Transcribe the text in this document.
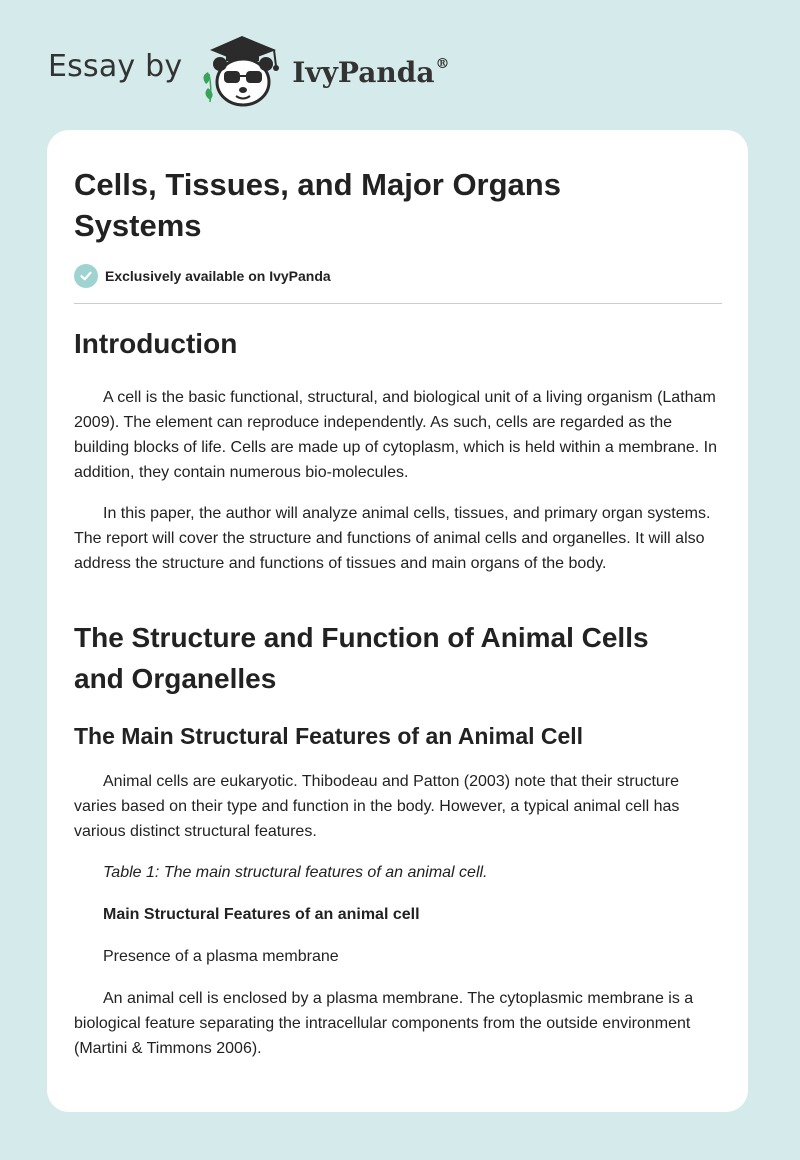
Essay by	IvyPanda®
Cells, Tissues, and Major Organs Systems
Exclusively available on IvyPanda
Introduction

A cell is the basic functional, structural, and biological unit of a living organism (Latham 2009). The element can reproduce independently. As such, cells are regarded as the building blocks of life. Cells are made up of cytoplasm, which is held within a membrane. In addition, they contain numerous bio-molecules.

In this paper, the author will analyze animal cells, tissues, and primary organ systems. The report will cover the structure and functions of animal cells and organelles. It will also address the structure and functions of tissues and main organs of the body.

The Structure and Function of Animal Cells and Organelles
The Main Structural Features of an Animal Cell

Animal cells are eukaryotic. Thibodeau and Patton (2003) note that their structure varies based on their type and function in the body. However, a typical animal cell has various distinct structural features.

Table 1: The main structural features of an animal cell.

Main Structural Features of an animal cell

Presence of a plasma membrane

An animal cell is enclosed by a plasma membrane. The cytoplasmic membrane is a biological feature separating the intracellular components from the outside environment (Martini & Timmons 2006).
